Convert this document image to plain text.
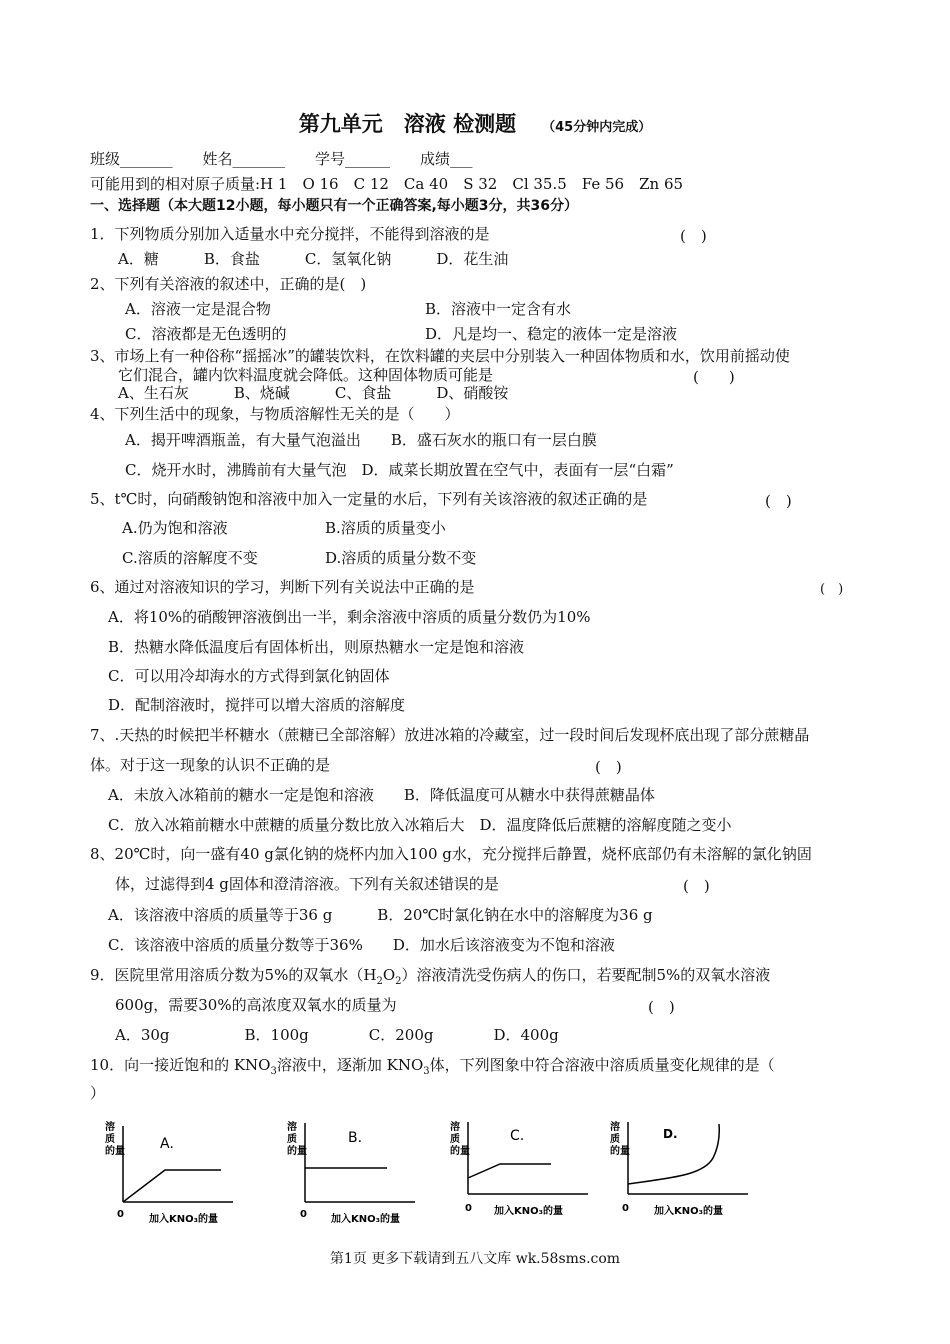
第九单元　溶液 检测题 （45分钟内完成）
班级_______　　姓名_______　　学号______　　成绩___
可能用到的相对原子质量:H 1　O 16　C 12　Ca 40　S 32　Cl 35.5　Fe 56　Zn 65
一、选择题（本大题12小题，每小题只有一个正确答案,每小题3分，共36分）
1．下列物质分别加入适量水中充分搅拌，不能得到溶液的是	(　)
A．糖　　　B．食盐　　　C．氢氧化钠　　　D．花生油
2、下列有关溶液的叙述中，正确的是(　)
A．溶液一定是混合物	B．溶液中一定含有水
C．溶液都是无色透明的	D．凡是均一、稳定的液体一定是溶液
3、市场上有一种俗称“摇摇冰”的罐装饮料，在饮料罐的夹层中分别装入一种固体物质和水，饮用前摇动使
它们混合，罐内饮料温度就会降低。这种固体物质可能是	(　　)
A、生石灰　　　B、烧碱　　　C、食盐　　　D、硝酸铵
4、下列生活中的现象，与物质溶解性无关的是（　　）
A．揭开啤酒瓶盖，有大量气泡溢出　　B．盛石灰水的瓶口有一层白膜
C．烧开水时，沸腾前有大量气泡　D．咸菜长期放置在空气中，表面有一层“白霜”
5、t℃时，向硝酸钠饱和溶液中加入一定量的水后，下列有关该溶液的叙述正确的是	(　)
A.仍为饱和溶液	B.溶质的质量变小
C.溶质的溶解度不变	D.溶质的质量分数不变
6、通过对溶液知识的学习，判断下列有关说法中正确的是	(　)
A．将10%的硝酸钾溶液倒出一半，剩余溶液中溶质的质量分数仍为10%
B．热糖水降低温度后有固体析出，则原热糖水一定是饱和溶液
C．可以用冷却海水的方式得到氯化钠固体
D．配制溶液时，搅拌可以增大溶质的溶解度
7、.天热的时候把半杯糖水（蔗糖已全部溶解）放进冰箱的冷藏室，过一段时间后发现杯底出现了部分蔗糖晶
体。对于这一现象的认识不正确的是	(　)
A．未放入冰箱前的糖水一定是饱和溶液　　B．降低温度可从糖水中获得蔗糖晶体
C．放入冰箱前糖水中蔗糖的质量分数比放入冰箱后大　D．温度降低后蔗糖的溶解度随之变小
8、20℃时，向一盛有40 g氯化钠的烧杯内加入100 g水，充分搅拌后静置，烧杯底部仍有未溶解的氯化钠固
体，过滤得到4 g固体和澄清溶液。下列有关叙述错误的是	(　)
A．该溶液中溶质的质量等于36 g　　　B．20℃时氯化钠在水中的溶解度为36 g
C．该溶液中溶质的质量分数等于36%　　D．加水后该溶液变为不饱和溶液
9．医院里常用溶质分数为5%的双氧水$(H_2O_2)$溶液清洗受伤病人的伤口，若要配制5%的双氧水溶液
600g，需要30%的高浓度双氧水的质量为	(　)
A．30g　　　　　B．100g　　　　C．200g　　　　D．400g
10．向一接近饱和的 $KNO_3$溶液中，逐渐加 $KNO_3$体，下列图象中符合溶液中溶质质量变化规律的是（
）
溶
质
的量	A.
0	加入KNO₃的量
溶
质
的量
B.
0 加入KNO₃的量
溶
质
的量
C.
0 加入KNO₃的量
溶
质
的量
D.
0	加入KNO₃的量
第1页 更多下载请到五八文库 wk.58sms.com
